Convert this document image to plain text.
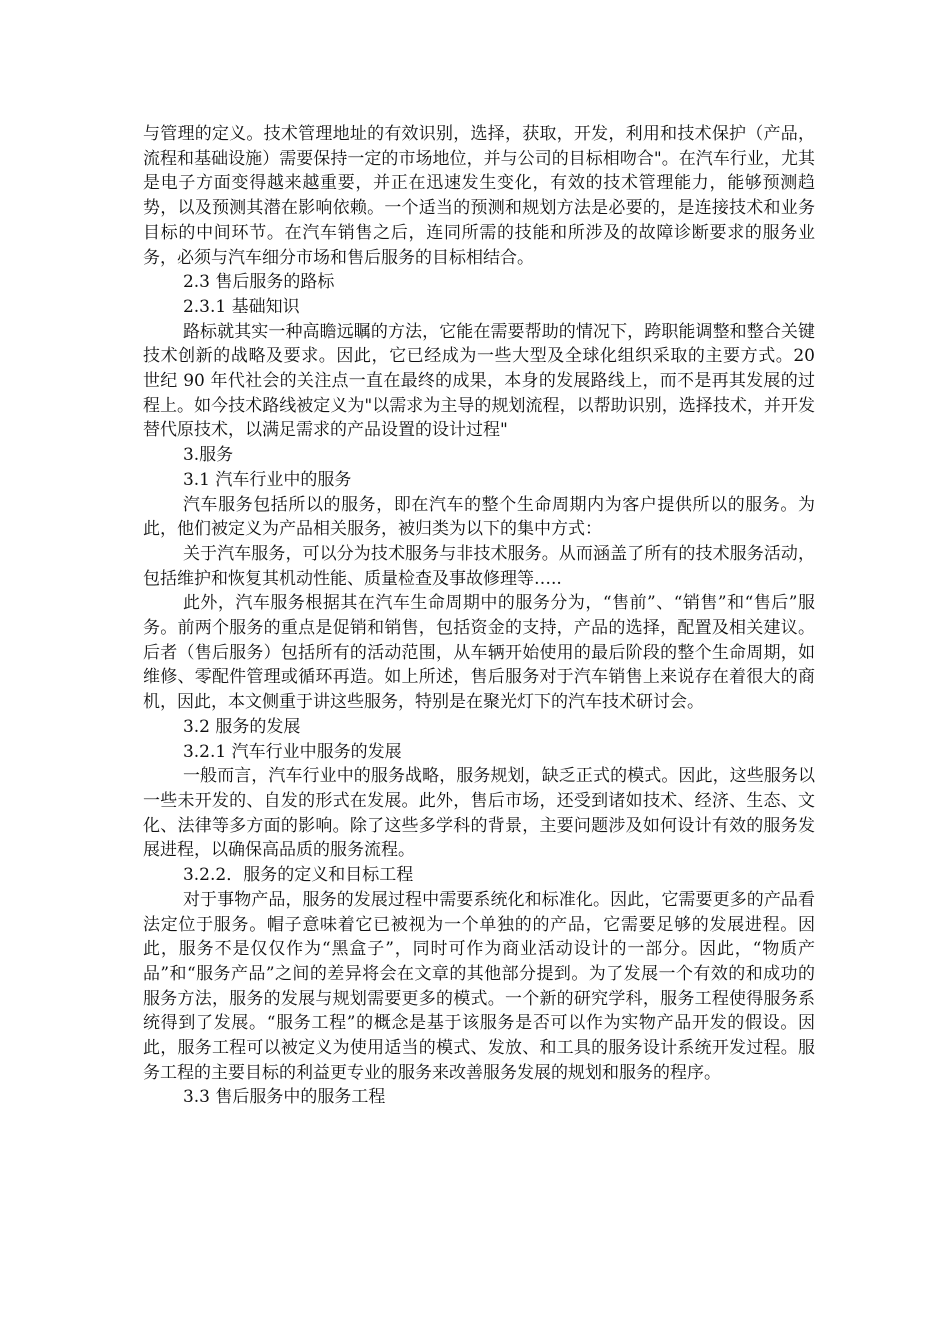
与管理的定义。技术管理地址的有效识别，选择，获取，开发，利用和技术保护（产品，流程和基础设施）需要保持一定的市场地位，并与公司的目标相吻合"。在汽车行业，尤其是电子方面变得越来越重要，并正在迅速发生变化，有效的技术管理能力，能够预测趋势，以及预测其潜在影响依赖。一个适当的预测和规划方法是必要的，是连接技术和业务目标的中间环节。在汽车销售之后，连同所需的技能和所涉及的故障诊断要求的服务业务，必须与汽车细分市场和售后服务的目标相结合。

2.3 售后服务的路标

2.3.1 基础知识

路标就其实一种高瞻远瞩的方法，它能在需要帮助的情况下，跨职能调整和整合关键技术创新的战略及要求。因此，它已经成为一些大型及全球化组织采取的主要方式。20 世纪 90 年代社会的关注点一直在最终的成果，本身的发展路线上，而不是再其发展的过程上。如今技术路线被定义为"以需求为主导的规划流程，以帮助识别，选择技术，并开发替代原技术，以满足需求的产品设置的设计过程"

3.服务

3.1 汽车行业中的服务

汽车服务包括所以的服务，即在汽车的整个生命周期内为客户提供所以的服务。为此，他们被定义为产品相关服务，被归类为以下的集中方式：

关于汽车服务，可以分为技术服务与非技术服务。从而涵盖了所有的技术服务活动，包括维护和恢复其机动性能、质量检查及事故修理等…..

此外，汽车服务根据其在汽车生命周期中的服务分为，“售前”、“销售”和“售后”服务。前两个服务的重点是促销和销售，包括资金的支持，产品的选择，配置及相关建议。后者（售后服务）包括所有的活动范围，从车辆开始使用的最后阶段的整个生命周期，如维修、零配件管理或循环再造。如上所述，售后服务对于汽车销售上来说存在着很大的商机，因此，本文侧重于讲这些服务，特别是在聚光灯下的汽车技术研讨会。

3.2 服务的发展

3.2.1 汽车行业中服务的发展

一般而言，汽车行业中的服务战略，服务规划，缺乏正式的模式。因此，这些服务以一些未开发的、自发的形式在发展。此外，售后市场，还受到诸如技术、经济、生态、文化、法律等多方面的影响。除了这些多学科的背景，主要问题涉及如何设计有效的服务发展进程，以确保高品质的服务流程。

3.2.2．服务的定义和目标工程

对于事物产品，服务的发展过程中需要系统化和标准化。因此，它需要更多的产品看法定位于服务。帽子意味着它已被视为一个单独的的产品，它需要足够的发展进程。因此，服务不是仅仅作为“黑盒子”，同时可作为商业活动设计的一部分。因此，“物质产品”和“服务产品”之间的差异将会在文章的其他部分提到。为了发展一个有效的和成功的服务方法，服务的发展与规划需要更多的模式。一个新的研究学科，服务工程使得服务系统得到了发展。“服务工程”的概念是基于该服务是否可以作为实物产品开发的假设。因此，服务工程可以被定义为使用适当的模式、发放、和工具的服务设计系统开发过程。服务工程的主要目标的利益更专业的服务来改善服务发展的规划和服务的程序。

3.3 售后服务中的服务工程
